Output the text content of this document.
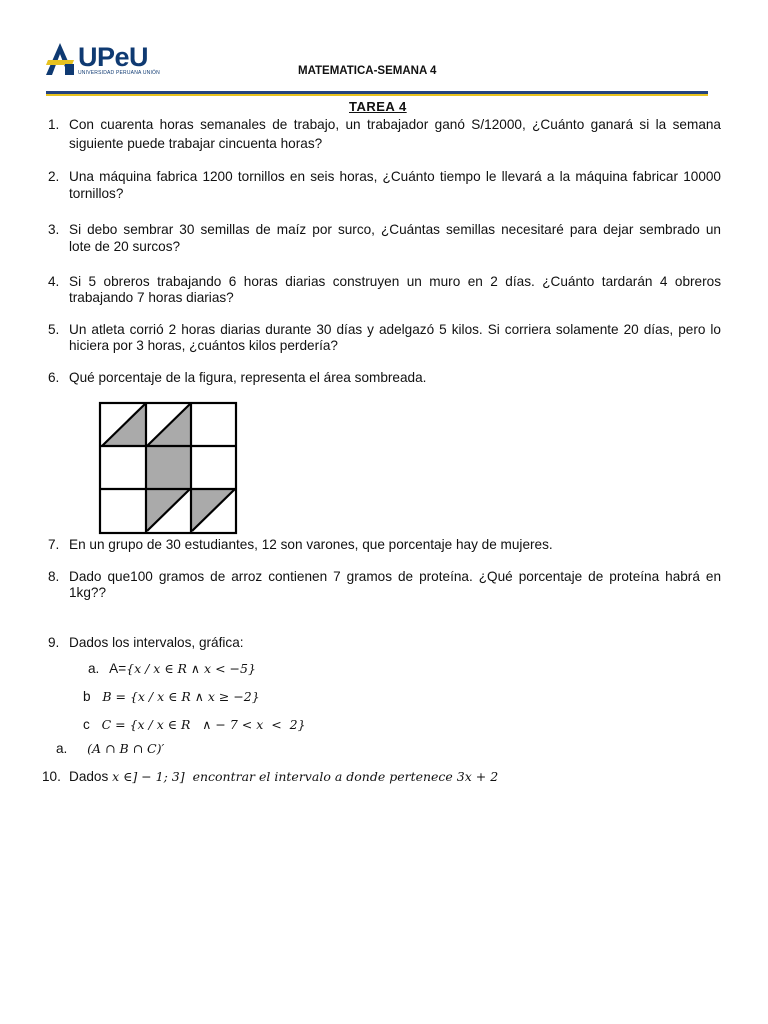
UPeU
UNIVERSIDAD PERUANA UNIÓN	MATEMATICA-SEMANA 4
TAREA 4
1. Con cuarenta horas semanales de trabajo, un trabajador ganó S/12000, ¿Cuánto ganará si la semana
siguiente puede trabajar cincuenta horas?
2. Una máquina fabrica 1200 tornillos en seis horas, ¿Cuánto tiempo le llevará a la máquina fabricar 10000
tornillos?
3. Si debo sembrar 30 semillas de maíz por surco, ¿Cuántas semillas necesitaré para dejar sembrado un
lote de 20 surcos?
4. Si 5 obreros trabajando 6 horas diarias construyen un muro en 2 días. ¿Cuánto tardarán 4 obreros
trabajando 7 horas diarias?
5. Un atleta corrió 2 horas diarias durante 30 días y adelgazó 5 kilos. Si corriera solamente 20 días, pero lo
hiciera por 3 horas, ¿cuántos kilos perdería?
6. Qué porcentaje de la figura, representa el área sombreada.
7. En un grupo de 30 estudiantes, 12 son varones, que porcentaje hay de mujeres.
8. Dado que100 gramos de arroz contienen 7 gramos de proteína. ¿Qué porcentaje de proteína habrá en
1kg??
9. Dados los intervalos, gráfica:
a. A={x / x ∈ R ∧ x < −5}
b B = {x / x ∈ R ∧ x ≥ −2}
c C = {x / x ∈ R   ∧ − 7 < x  <  2}
a. (A ∩ B ∩ C)′
10. Dados x ∈] − 1; 3]  encontrar el intervalo a donde pertenece 3x + 2
